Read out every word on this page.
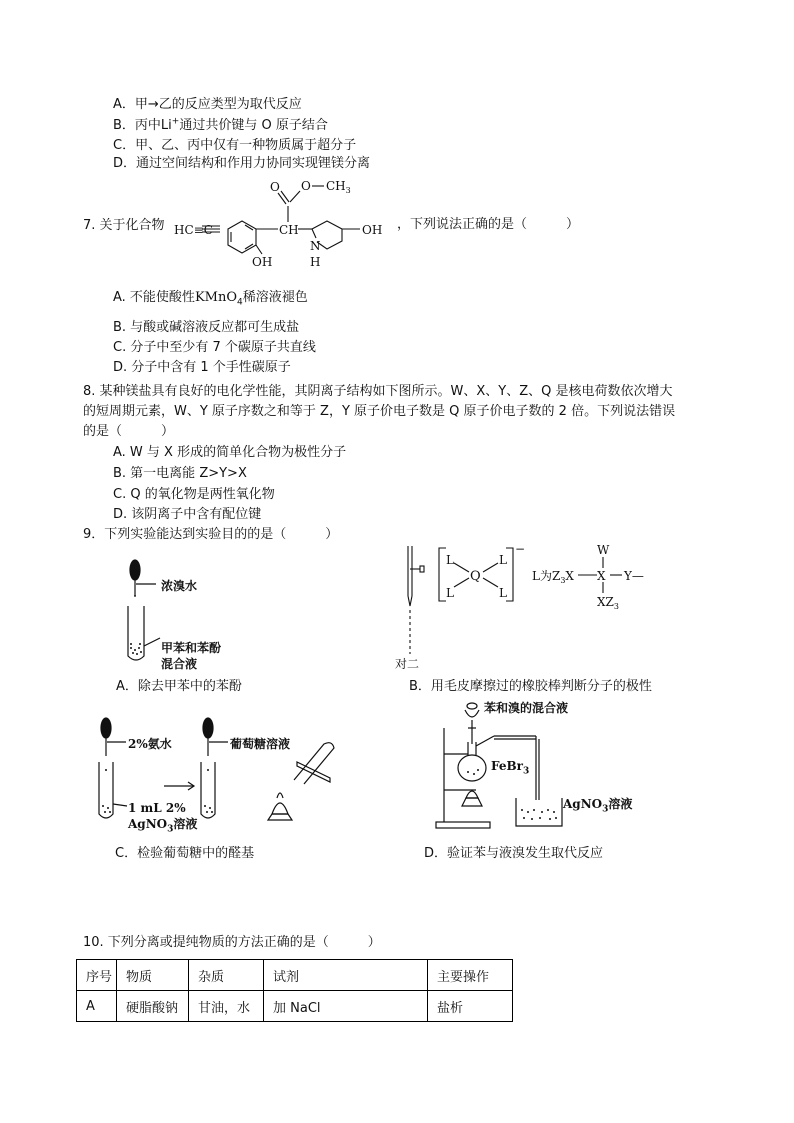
A．甲→乙的反应类型为取代反应
B．丙中Li+通过共价键与 O 原子结合
C．甲、乙、丙中仅有一种物质属于超分子
D．通过空间结构和作用力协同实现锂镁分离
7. 关于化合物 HC≡C
O O $CH_3$
CH
OH
N
H
OH ，下列说法正确的是（　　　）
A. 不能使酸性KMnO$_4$稀溶液褪色
B. 与酸或碱溶液反应都可生成盐
C. 分子中至少有 7 个碳原子共直线
D. 分子中含有 1 个手性碳原子
8. 某种镁盐具有良好的电化学性能，其阴离子结构如下图所示。W、X、Y、Z、Q 是核电荷数依次增大
的短周期元素，W、Y 原子序数之和等于 Z，Y 原子价电子数是 Q 原子价电子数的 2 倍。下列说法错误
的是（　　　）
A. W 与 X 形成的简单化合物为极性分子
B. 第一电离能 Z>Y>X
C. Q 的氧化物是两性氧化物
D. 该阴离子中含有配位键
9．下列实验能达到实验目的的是（　　　）
浓溴水
甲苯和苯酚
混合液
A．除去甲苯中的苯酚
L	L
L	L
Q
−
L为$Z_3X$
W
X Y—
$XZ_3$
对二
B．用毛皮摩擦过的橡胶棒判断分子的极性
2%氨水	葡萄糖溶液
1 mL 2%
AgNO$_3$溶液
C．检验葡萄糖中的醛基
苯和溴的混合液
FeBr$_3$
AgNO$_3$溶液
D．验证苯与液溴发生取代反应
10. 下列分离或提纯物质的方法正确的是（　　　）
序号	物质	杂质	试剂	主要操作
A	硬脂酸钠	甘油，水	加 NaCl	盐析
